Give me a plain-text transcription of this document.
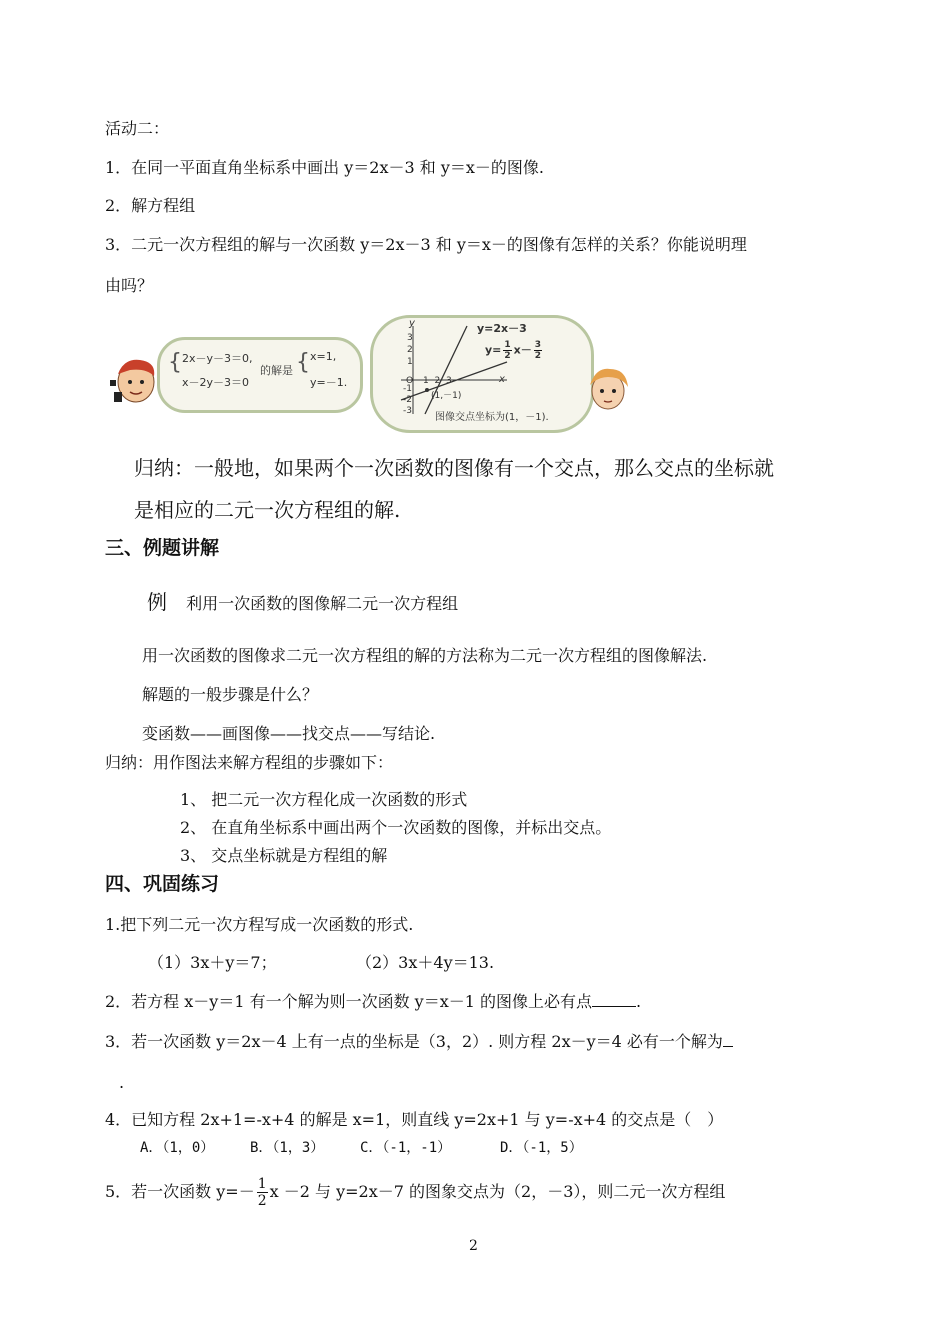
活动二：
1．在同一平面直角坐标系中画出 y＝2x－3 和 y＝x－的图像.
2．解方程组
3．二元一次方程组的解与一次函数 y＝2x－3 和 y＝x－的图像有怎样的关系？你能说明理
由吗？
{ 2x－y－3＝0,
x－2y－3＝0
的解是 { x=1,
y=－1.
y
x
O
3
2
1
-1
-2
-3
1 2 3
y=2x－3
$y= \frac{1}{2} x- \frac{3}{2}$
(1,－1)
图像交点坐标为(1，－1).
归纳：一般地，如果两个一次函数的图像有一个交点，那么交点的坐标就
是相应的二元一次方程组的解.
三、例题讲解
例 利用一次函数的图像解二元一次方程组
用一次函数的图像求二元一次方程组的解的方法称为二元一次方程组的图像解法.
解题的一般步骤是什么？
变函数——画图像——找交点——写结论.
归纳：用作图法来解方程组的步骤如下：
1、 把二元一次方程化成一次函数的形式
2、 在直角坐标系中画出两个一次函数的图像，并标出交点。
3、 交点坐标就是方程组的解
四、巩固练习
1.把下列二元一次方程写成一次函数的形式.
（1）3x＋y＝7；	（2）3x＋4y＝13.
2．若方程 x－y＝1 有一个解为则一次函数 y＝x－1 的图像上必有点	.
3．若一次函数 y＝2x－4 上有一点的坐标是（3，2）. 则方程 2x－y＝4 必有一个解为
.
4．已知方程 2x+1=-x+4 的解是 x=1，则直线 y=2x+1 与 y=-x+4 的交点是（　）
A．（1，0）	B．（1，3）	C．（-1，-1）	D．（-1，5）
5．若一次函数 $y=- \frac{1}{2}$ x －2 与 y=2x－7 的图象交点为（2，－3），则二元一次方程组
2
